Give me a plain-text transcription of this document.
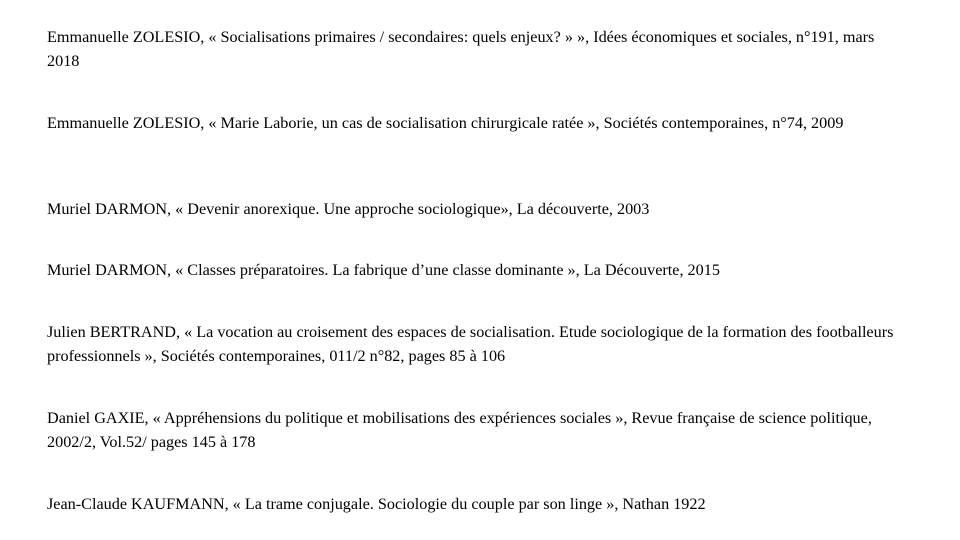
Emmanuelle ZOLESIO, « Socialisations primaires / secondaires: quels enjeux? » », Idées économiques et sociales, n°191, mars 2018

Emmanuelle ZOLESIO, « Marie Laborie, un cas de socialisation chirurgicale ratée », Sociétés contemporaines, n°74, 2009

Muriel DARMON, « Devenir anorexique. Une approche sociologique», La découverte, 2003

Muriel DARMON, « Classes préparatoires. La fabrique d’une classe dominante », La Découverte, 2015

Julien BERTRAND, « La vocation au croisement des espaces de socialisation. Etude sociologique de la formation des footballeurs professionnels », Sociétés contemporaines, 011/2 n°82, pages 85 à 106

Daniel GAXIE, « Appréhensions du politique et mobilisations des expériences sociales », Revue française de science politique, 2002/2, Vol.52/ pages 145 à 178

Jean-Claude KAUFMANN, « La trame conjugale. Sociologie du couple par son linge », Nathan 1922
